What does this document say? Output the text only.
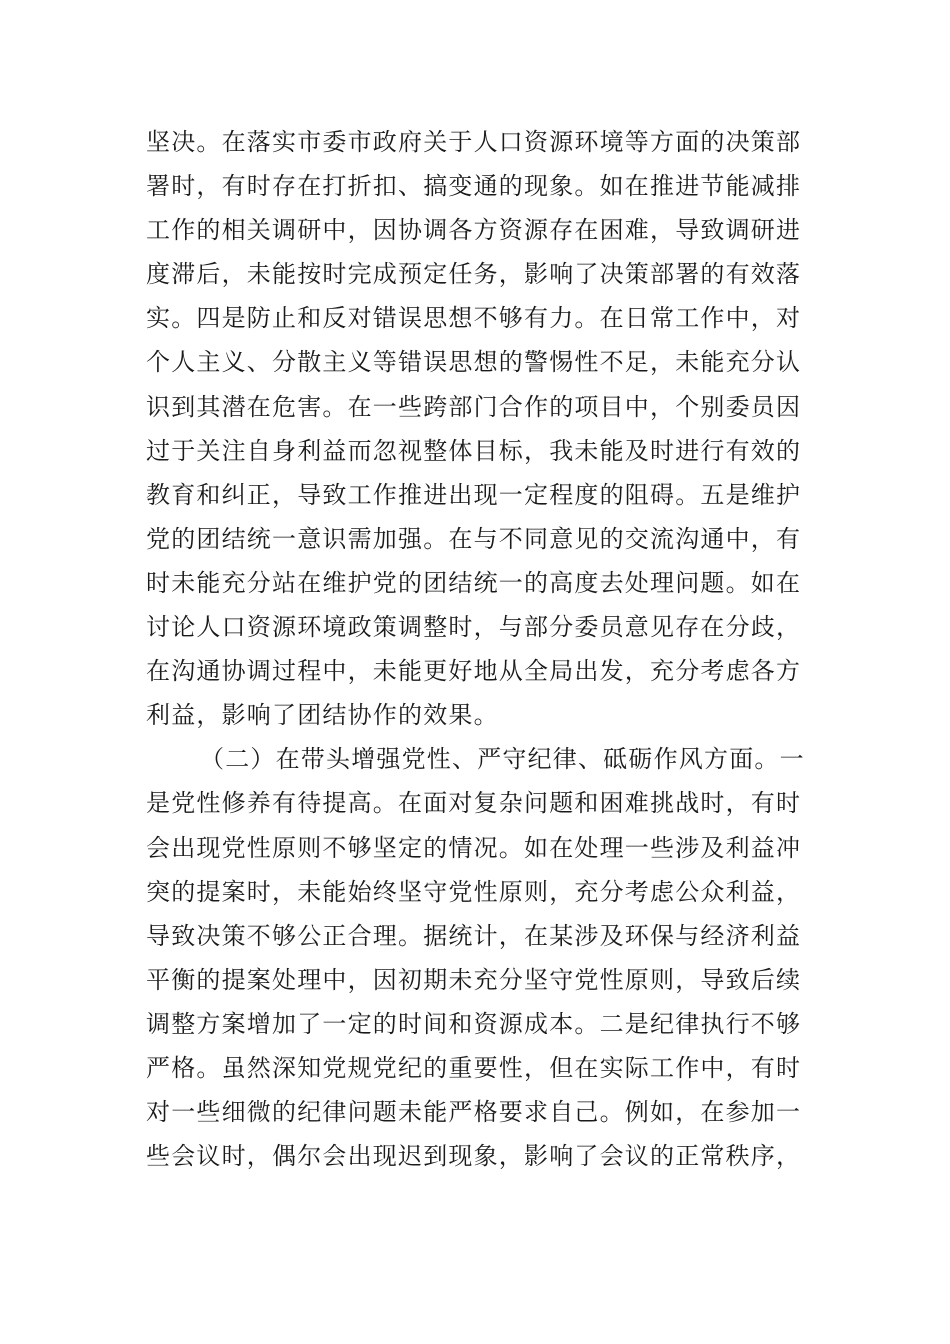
坚决。在落实市委市政府关于人口资源环境等方面的决策部
署时，有时存在打折扣、搞变通的现象。如在推进节能减排
工作的相关调研中，因协调各方资源存在困难，导致调研进
度滞后，未能按时完成预定任务，影响了决策部署的有效落
实。四是防止和反对错误思想不够有力。在日常工作中，对
个人主义、分散主义等错误思想的警惕性不足，未能充分认
识到其潜在危害。在一些跨部门合作的项目中，个别委员因
过于关注自身利益而忽视整体目标，我未能及时进行有效的
教育和纠正，导致工作推进出现一定程度的阻碍。五是维护
党的团结统一意识需加强。在与不同意见的交流沟通中，有
时未能充分站在维护党的团结统一的高度去处理问题。如在
讨论人口资源环境政策调整时，与部分委员意见存在分歧，
在沟通协调过程中，未能更好地从全局出发，充分考虑各方
利益，影响了团结协作的效果。
（二）在带头增强党性、严守纪律、砥砺作风方面。一
是党性修养有待提高。在面对复杂问题和困难挑战时，有时
会出现党性原则不够坚定的情况。如在处理一些涉及利益冲
突的提案时，未能始终坚守党性原则，充分考虑公众利益，
导致决策不够公正合理。据统计，在某涉及环保与经济利益
平衡的提案处理中，因初期未充分坚守党性原则，导致后续
调整方案增加了一定的时间和资源成本。二是纪律执行不够
严格。虽然深知党规党纪的重要性，但在实际工作中，有时
对一些细微的纪律问题未能严格要求自己。例如，在参加一
些会议时，偶尔会出现迟到现象，影响了会议的正常秩序，
